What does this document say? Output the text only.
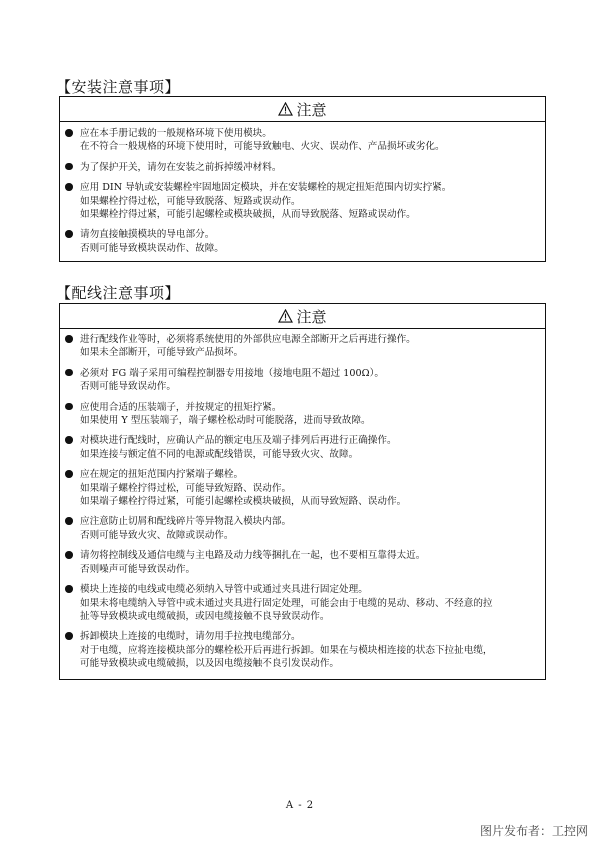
【安装注意事项】
注意
应在本手册记载的一般规格环境下使用模块。
在不符合一般规格的环境下使用时，可能导致触电、火灾、误动作、产品损坏或劣化。
为了保护开关，请勿在安装之前拆掉缓冲材料。
应用 DIN 导轨或安装螺栓牢固地固定模块，并在安装螺栓的规定扭矩范围内切实拧紧。
如果螺栓拧得过松，可能导致脱落、短路或误动作。
如果螺栓拧得过紧，可能引起螺栓或模块破损，从而导致脱落、短路或误动作。
请勿直接触摸模块的导电部分。
否则可能导致模块误动作、故障。
【配线注意事项】
注意
进行配线作业等时，必须将系统使用的外部供应电源全部断开之后再进行操作。
如果未全部断开，可能导致产品损坏。
必须对 FG 端子采用可编程控制器专用接地（接地电阻不超过 100Ω）。
否则可能导致误动作。
应使用合适的压装端子，并按规定的扭矩拧紧。
如果使用 Y 型压装端子，端子螺栓松动时可能脱落，进而导致故障。
对模块进行配线时，应确认产品的额定电压及端子排列后再进行正确操作。
如果连接与额定值不同的电源或配线错误，可能导致火灾、故障。
应在规定的扭矩范围内拧紧端子螺栓。
如果端子螺栓拧得过松，可能导致短路、误动作。
如果端子螺栓拧得过紧，可能引起螺栓或模块破损，从而导致短路、误动作。
应注意防止切屑和配线碎片等异物混入模块内部。
否则可能导致火灾、故障或误动作。
请勿将控制线及通信电缆与主电路及动力线等捆扎在一起，也不要相互靠得太近。
否则噪声可能导致误动作。
模块上连接的电线或电缆必须纳入导管中或通过夹具进行固定处理。
如果未将电缆纳入导管中或未通过夹具进行固定处理，可能会由于电缆的晃动、移动、不经意的拉
扯等导致模块或电缆破损，或因电缆接触不良导致误动作。
拆卸模块上连接的电缆时，请勿用手拉拽电缆部分。
对于电缆，应将连接模块部分的螺栓松开后再进行拆卸。如果在与模块相连接的状态下拉扯电缆，
可能导致模块或电缆破损，以及因电缆接触不良引发误动作。
A - 2
图片发布者：工控网
